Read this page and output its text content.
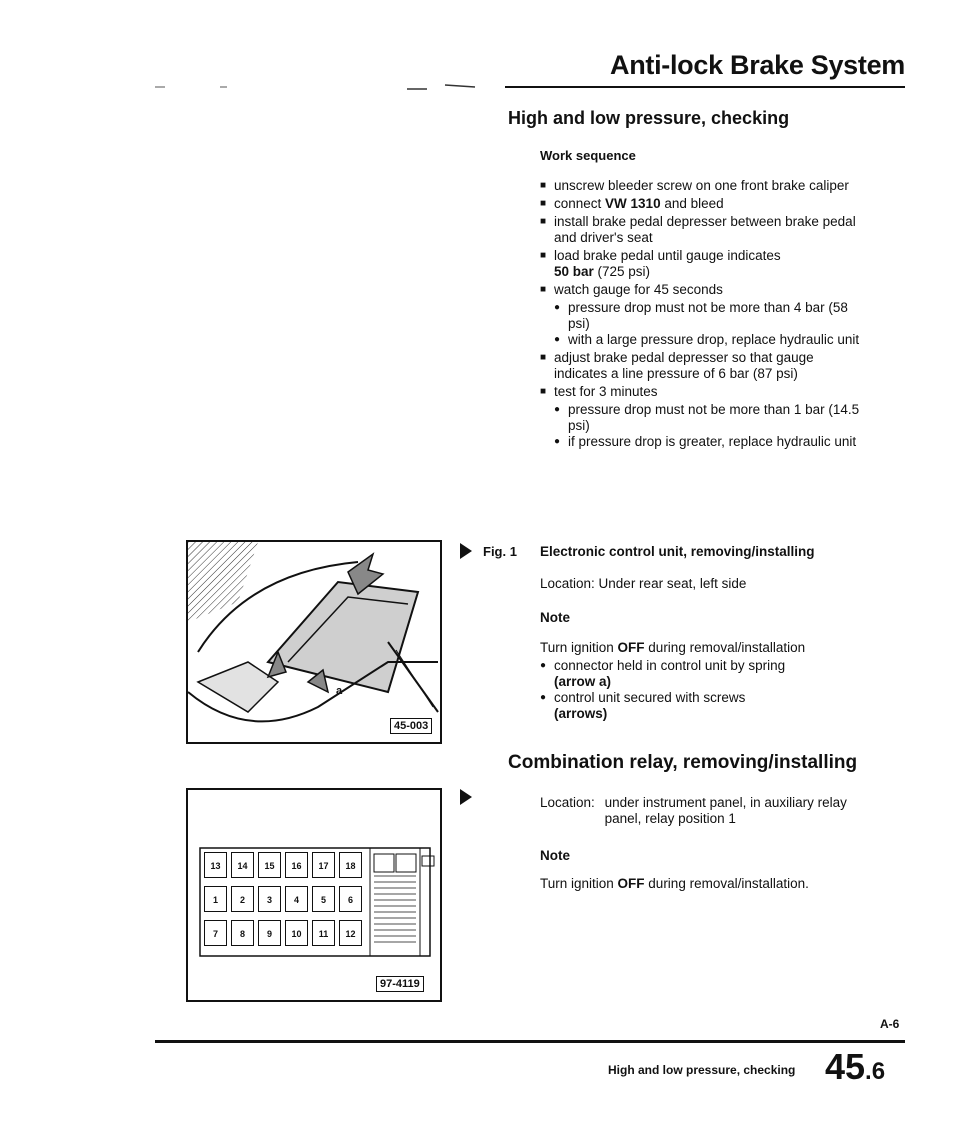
Anti-lock Brake System
High and low pressure, checking
Work sequence
■ unscrew bleeder screw on one front brake caliper
■ connect VW 1310 and bleed
■ install brake pedal depresser between brake pedal and driver's seat
■ load brake pedal until gauge indicates
50 bar (725 psi)
■ watch gauge for 45 seconds
● pressure drop must not be more than 4 bar (58 psi)
● with a large pressure drop, replace hydraulic unit
■ adjust brake pedal depresser so that gauge indicates a line pressure of 6 bar (87 psi)
■ test for 3 minutes
● pressure drop must not be more than 1 bar (14.5 psi)
● if pressure drop is greater, replace hydraulic unit
a
45-003
Fig. 1 Electronic control unit, removing/installing
Location: Under rear seat, left side
Note
Turn ignition OFF during removal/installation
● connector held in control unit by spring
(arrow a)
● control unit secured with screws
(arrows)
Combination relay, removing/installing
13	14	15	16	17	18
1	2	3	4	5	6
7	8	9	10	11	12
97-4119
Location: under instrument panel, in auxiliary relay panel, relay position 1
Note
Turn ignition OFF during removal/installation.
A-6
High and low pressure, checking 45.6
